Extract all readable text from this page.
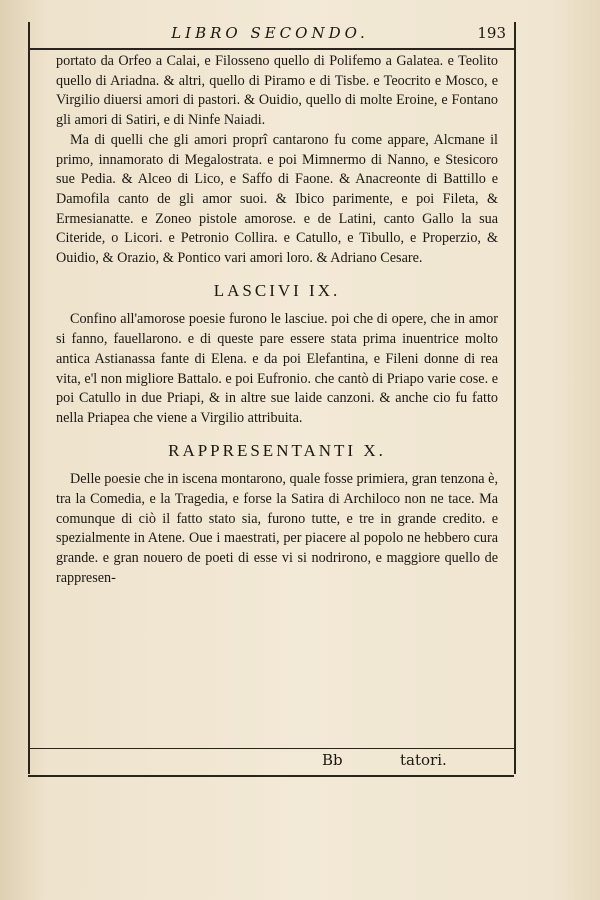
LIBRO SECONDO.	193

portato da Orfeo a Calai, e Filosseno quello di Polifemo a Galatea. e Teolito quello di Ariadna. & altri, quello di Piramo e di Tisbe. e Teocrito e Mosco, e Virgilio diuersi amori di pastori. & Ouidio, quello di molte Eroine, e Fontano gli amori di Satiri, e di Ninfe Naiadi.

Ma di quelli che gli amori proprî cantarono fu come appare, Alcmane il primo, innamorato di Megalostrata. e poi Mimnermo di Nanno, e Stesicoro sue Pedia. & Alceo di Lico, e Saffo di Faone. & Anacreonte di Battillo e Damofila canto de gli amor suoi. & Ibico parimente, e poi Fileta, & Ermesianatte. e Zoneo pistole amorose. e de Latini, canto Gallo la sua Citeride, o Licori. e Petronio Collira. e Catullo, e Tibullo, e Properzio, & Ouidio, & Orazio, & Pontico vari amori loro. & Adriano Cesare.

LASCIVI IX.

Confino all'amorose poesie furono le lasciue. poi che di opere, che in amor si fanno, fauellarono. e di queste pare essere stata prima inuentrice molto antica Astianassa fante di Elena. e da poi Elefantina, e Fileni donne di rea vita, e'l non migliore Battalo. e poi Eufronio. che cantò di Priapo varie cose. e poi Catullo in due Priapi, & in altre sue laide canzoni. & anche cio fu fatto nella Priapea che viene a Virgilio attribuita.

RAPPRESENTANTI X.

Delle poesie che in iscena montarono, quale fosse primiera, gran tenzona è, tra la Comedia, e la Tragedia, e forse la Satira di Archiloco non ne tace. Ma comunque di ciò il fatto stato sia, furono tutte, e tre in grande credito. e spezialmente in Atene. Oue i maestrati, per piacere al popolo ne hebbero cura grande. e gran nouero de poeti di esse vi si nodrirono, e maggiore quello de rappresen-

Bb	tatori.
